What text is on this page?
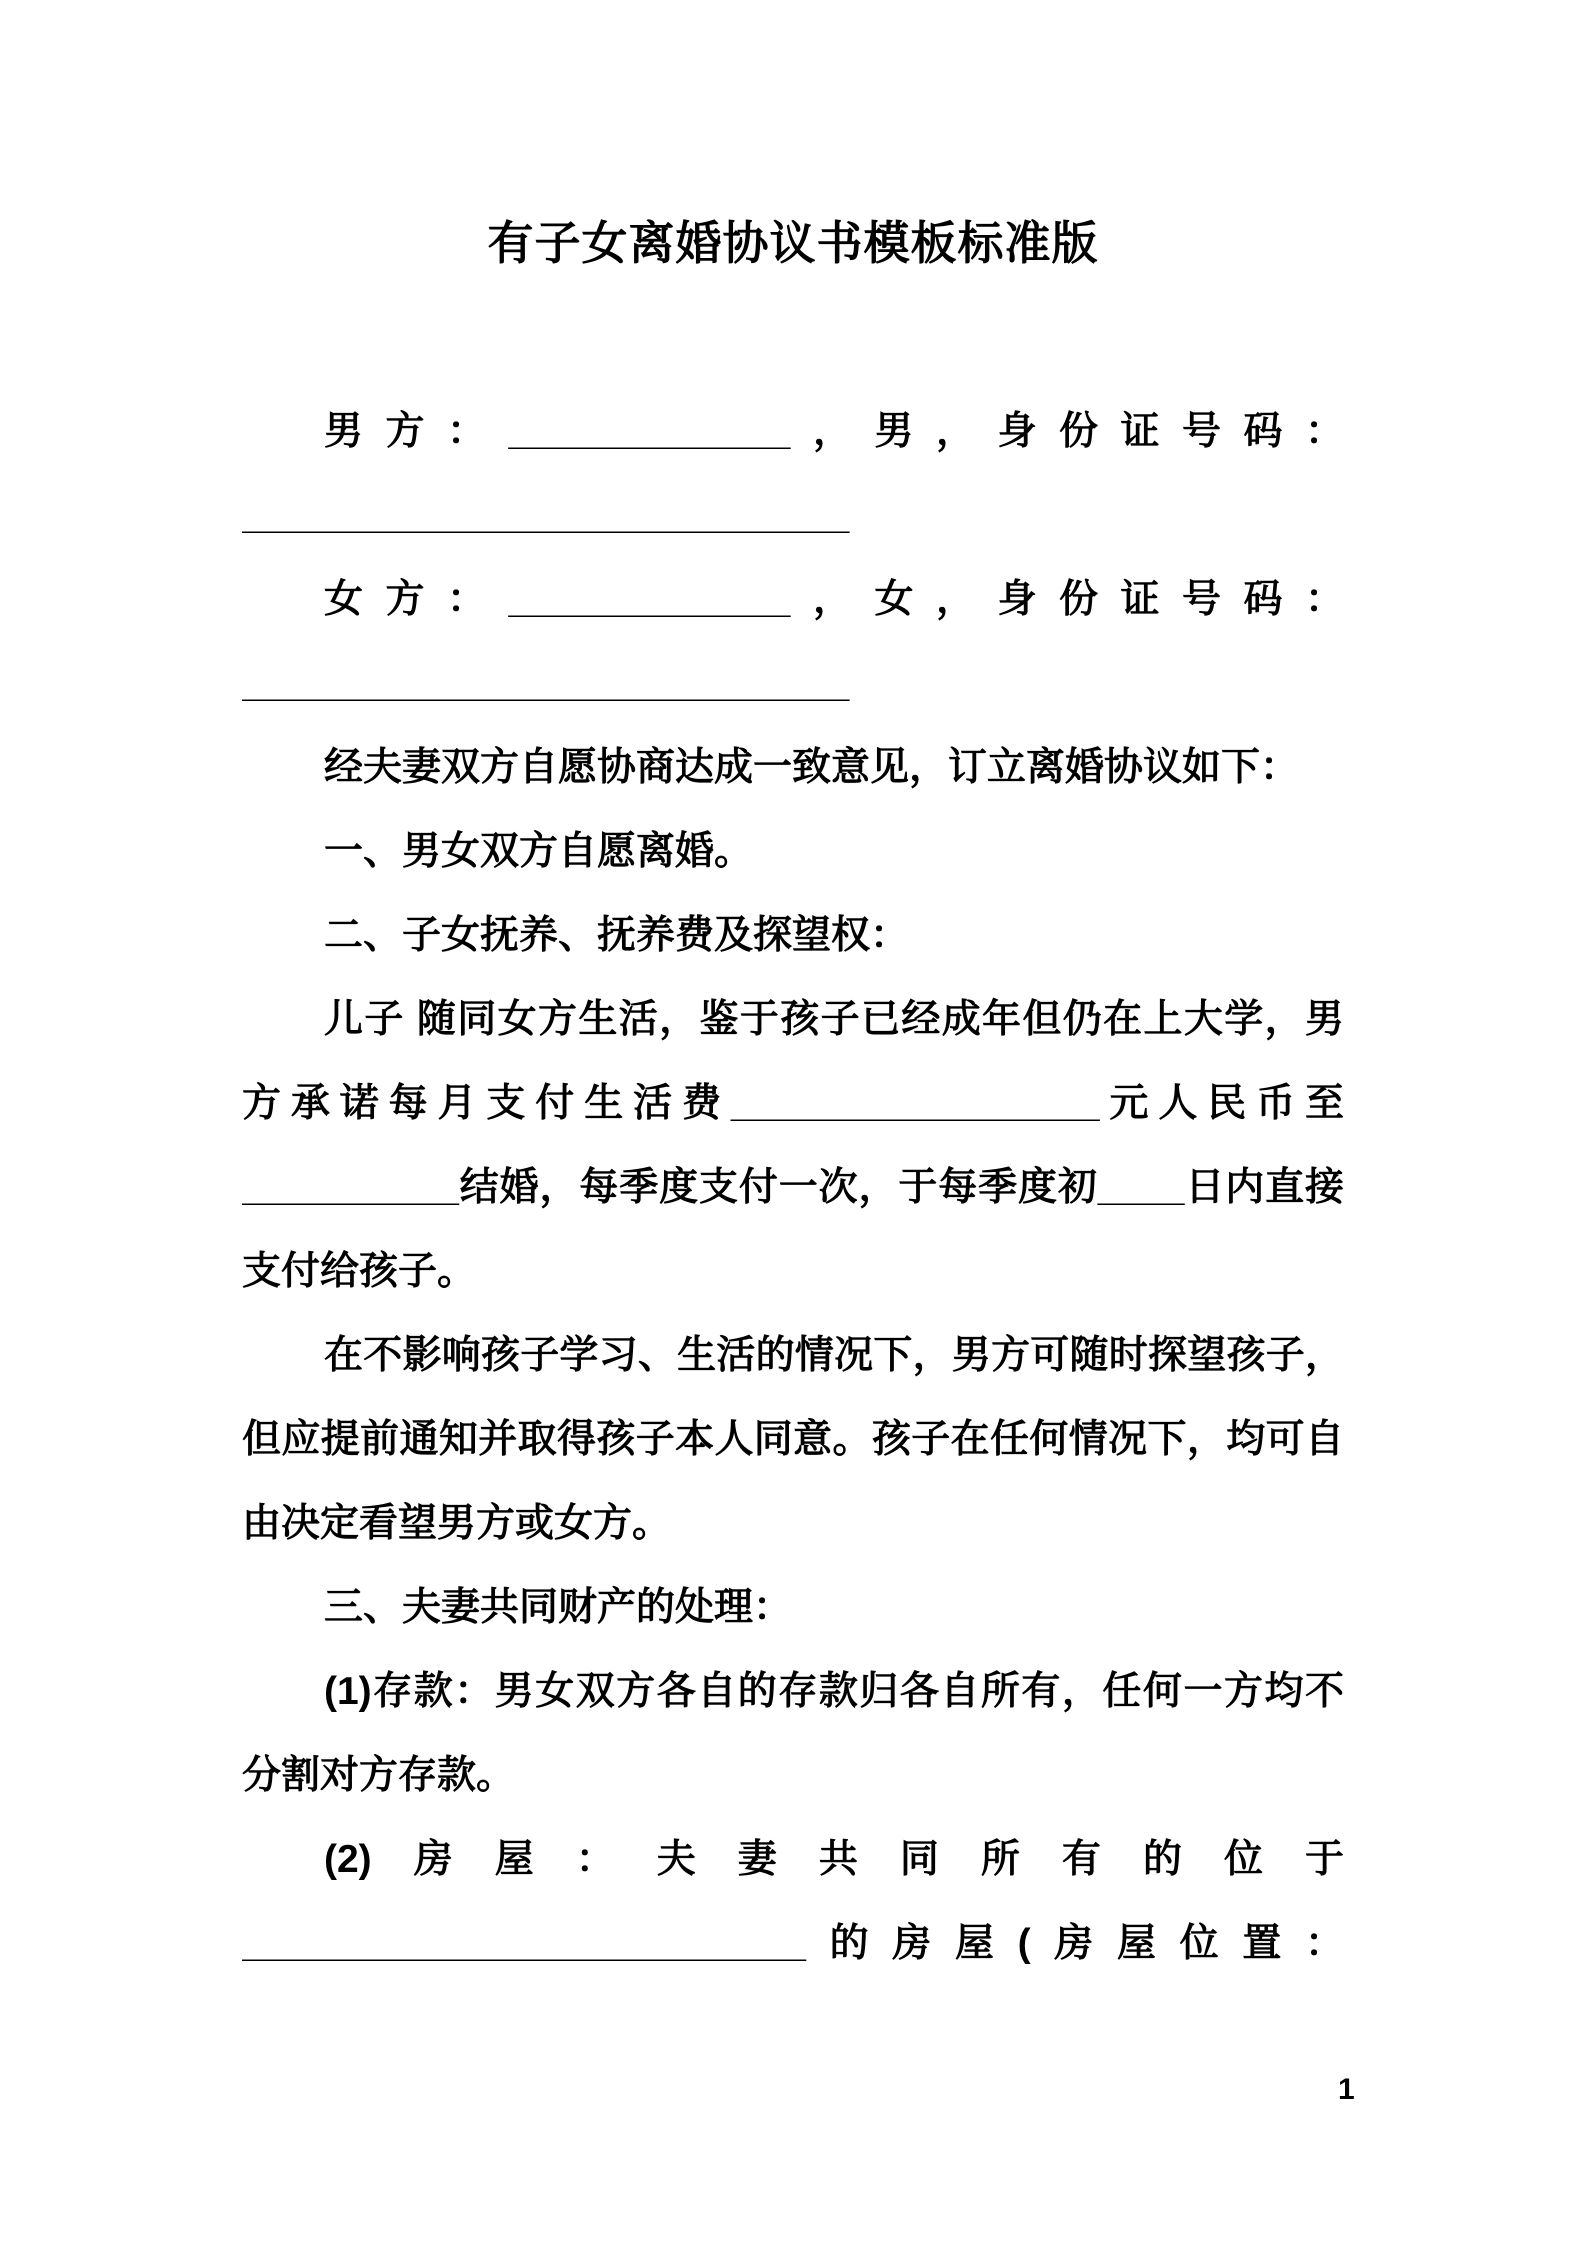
有子女离婚协议书模板标准版
男方：_____________，男，身份证号码：
____________________________
女方：_____________，女，身份证号码：
____________________________
经夫妻双方自愿协商达成一致意见，订立离婚协议如下：
一、男女双方自愿离婚。
二、子女抚养、抚养费及探望权：
儿子 随同女方生活，鉴于孩子已经成年但仍在上大学，男
方承诺每月支付生活费_________________元人民币至
__________结婚，每季度支付一次，于每季度初____日内直接
支付给孩子。
在不影响孩子学习、生活的情况下，男方可随时探望孩子，
但应提前通知并取得孩子本人同意。孩子在任何情况下，均可自
由决定看望男方或女方。
三、夫妻共同财产的处理：
(1)存款：男女双方各自的存款归各自所有，任何一方均不
分割对方存款。
(2)房屋：夫妻共同所有的位于
__________________________的房屋(房屋位置：
1
